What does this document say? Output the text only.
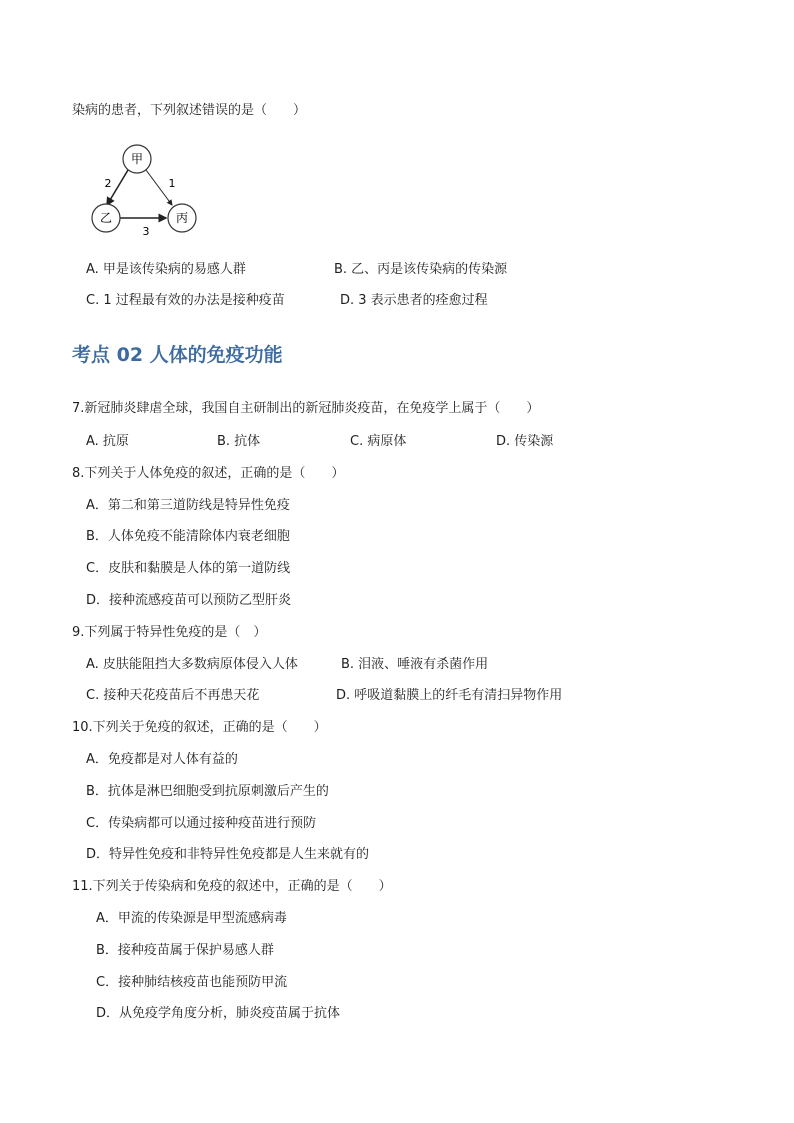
染病的患者，下列叙述错误的是（　　）
甲
乙	丙
2	1
3
A. 甲是该传染病的易感人群	B. 乙、丙是该传染病的传染源
C. 1 过程最有效的办法是接种疫苗	D. 3 表示患者的痊愈过程
考点 02 人体的免疫功能
7.新冠肺炎肆虐全球，我国自主研制出的新冠肺炎疫苗，在免疫学上属于（　　）
A. 抗原	B. 抗体	C. 病原体	D. 传染源
8.下列关于人体免疫的叙述，正确的是（　　）
A．第二和第三道防线是特异性免疫
B．人体免疫不能清除体内衰老细胞
C．皮肤和黏膜是人体的第一道防线
D．接种流感疫苗可以预防乙型肝炎
9.下列属于特异性免疫的是（　）
A. 皮肤能阻挡大多数病原体侵入人体	B. 泪液、唾液有杀菌作用
C. 接种天花疫苗后不再患天花	D. 呼吸道黏膜上的纤毛有清扫异物作用
10.下列关于免疫的叙述，正确的是（　　）
A．免疫都是对人体有益的
B．抗体是淋巴细胞受到抗原刺激后产生的
C．传染病都可以通过接种疫苗进行预防
D．特异性免疫和非特异性免疫都是人生来就有的
11.下列关于传染病和免疫的叙述中，正确的是（　　）
A．甲流的传染源是甲型流感病毒
B．接种疫苗属于保护易感人群
C．接种肺结核疫苗也能预防甲流
D．从免疫学角度分析，肺炎疫苗属于抗体
